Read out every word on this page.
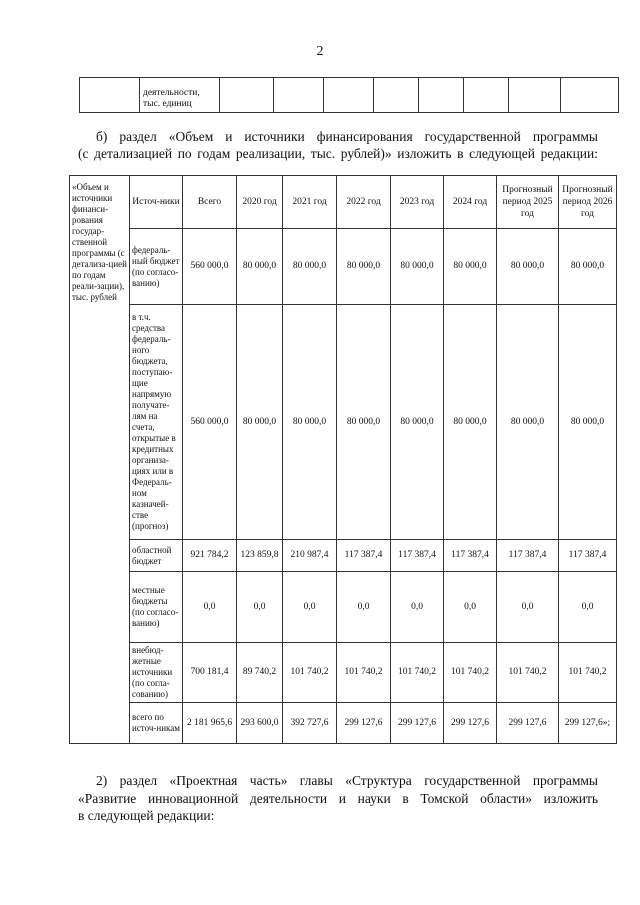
2
	деятельности,
тыс. единиц								
б) раздел «Объем и источники финансирования государственной программы
(с детализацией по годам реализации, тыс. рублей)» изложить в следующей редакции:
«Объем и источники финанси-рования государ-ственной программы (с детализа-цией по годам реали-зации), тыс. рублей	Источ-ники	Всего	2020 год	2021 год	2022 год	2023 год	2024 год	Прогнозный период 2025 год	Прогнозный период 2026 год
	федераль-ный бюджет (по согласо-ванию)	560 000,0	80 000,0	80 000,0	80 000,0	80 000,0	80 000,0	80 000,0	80 000,0
	в т.ч. средства федераль-ного бюджета, поступаю-щие напрямую получате-лям на счета, открытые в кредитных организа-циях или в Федераль-ном казначей-стве (прогноз)	560 000,0	80 000,0	80 000,0	80 000,0	80 000,0	80 000,0	80 000,0	80 000,0
	областной бюджет	921 784,2	123 859,8	210 987,4	117 387,4	117 387,4	117 387,4	117 387,4	117 387,4
	местные бюджеты (по согласо-ванию)	0,0	0,0	0,0	0,0	0,0	0,0	0,0	0,0
	внебюд-жетные источники (по согла-сованию)	700 181,4	89 740,2	101 740,2	101 740,2	101 740,2	101 740,2	101 740,2	101 740,2
	всего по источ-никам	2 181 965,6	293 600,0	392 727,6	299 127,6	299 127,6	299 127,6	299 127,6	299 127,6»;
2) раздел «Проектная часть» главы «Структура государственной программы
«Развитие инновационной деятельности и науки в Томской области» изложить
в следующей редакции:
